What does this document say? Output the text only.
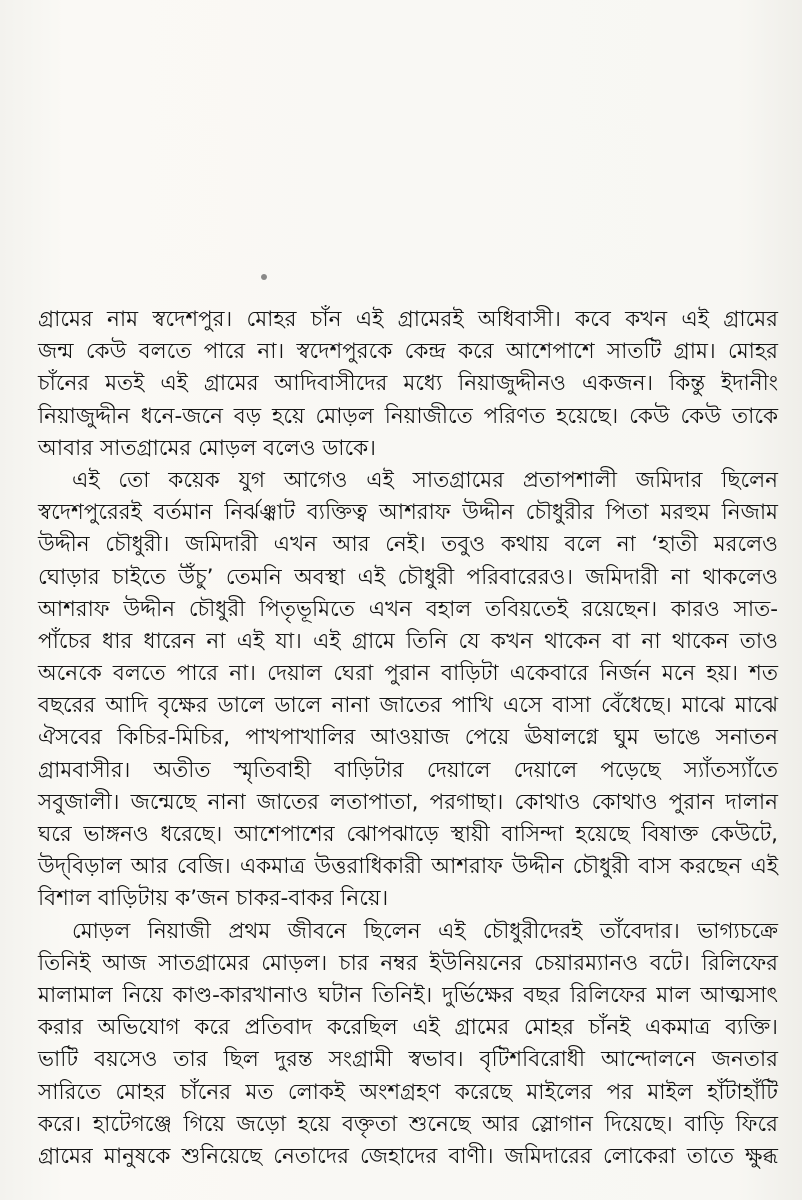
গ্রামের নাম স্বদেশপুর। মোহর চাঁন এই গ্রামেরই অধিবাসী। কবে কখন এই গ্রামের
জন্ম কেউ বলতে পারে না। স্বদেশপুরকে কেন্দ্র করে আশেপাশে সাতটি গ্রাম। মোহর
চাঁনের মতই এই গ্রামের আদিবাসীদের মধ্যে নিয়াজুদ্দীনও একজন। কিন্তু ইদানীং
নিয়াজুদ্দীন ধনে-জনে বড় হয়ে মোড়ল নিয়াজীতে পরিণত হয়েছে। কেউ কেউ তাকে
আবার সাতগ্রামের মোড়ল বলেও ডাকে।

এই তো কয়েক যুগ আগেও এই সাতগ্রামের প্রতাপশালী জমিদার ছিলেন
স্বদেশপুরেরই বর্তমান নির্ঝঞ্ঝাট ব্যক্তিত্ব আশরাফ উদ্দীন চৌধুরীর পিতা মরহুম নিজাম
উদ্দীন চৌধুরী। জমিদারী এখন আর নেই। তবুও কথায় বলে না ‘হাতী মরলেও
ঘোড়ার চাইতে উঁচু’ তেমনি অবস্থা এই চৌধুরী পরিবারেরও। জমিদারী না থাকলেও
আশরাফ উদ্দীন চৌধুরী পিতৃভূমিতে এখন বহাল তবিয়তেই রয়েছেন। কারও সাত-
পাঁচের ধার ধারেন না এই যা। এই গ্রামে তিনি যে কখন থাকেন বা না থাকেন তাও
অনেকে বলতে পারে না। দেয়াল ঘেরা পুরান বাড়িটা একেবারে নির্জন মনে হয়। শত
বছরের আদি বৃক্ষের ডালে ডালে নানা জাতের পাখি এসে বাসা বেঁধেছে। মাঝে মাঝে
ঐসবের কিচির-মিচির, পাখপাখালির আওয়াজ পেয়ে ঊষালগ্নে ঘুম ভাঙে সনাতন
গ্রামবাসীর। অতীত স্মৃতিবাহী বাড়িটার দেয়ালে দেয়ালে পড়েছে স্যাঁতস্যাঁতে
সবুজালী। জন্মেছে নানা জাতের লতাপাতা, পরগাছা। কোথাও কোথাও পুরান দালান
ঘরে ভাঙ্গনও ধরেছে। আশেপাশের ঝোপঝাড়ে স্থায়ী বাসিন্দা হয়েছে বিষাক্ত কেউটে,
উদ্‌বিড়াল আর বেজি। একমাত্র উত্তরাধিকারী আশরাফ উদ্দীন চৌধুরী বাস করছেন এই
বিশাল বাড়িটায় ক’জন চাকর-বাকর নিয়ে।

মোড়ল নিয়াজী প্রথম জীবনে ছিলেন এই চৌধুরীদেরই তাঁবেদার। ভাগ্যচক্রে
তিনিই আজ সাতগ্রামের মোড়ল। চার নম্বর ইউনিয়নের চেয়ারম্যানও বটে। রিলিফের
মালামাল নিয়ে কাণ্ড-কারখানাও ঘটান তিনিই। দুর্ভিক্ষের বছর রিলিফের মাল আত্মসাৎ
করার অভিযোগ করে প্রতিবাদ করেছিল এই গ্রামের মোহর চাঁনই একমাত্র ব্যক্তি।
ভাটি বয়সেও তার ছিল দুরন্ত সংগ্রামী স্বভাব। বৃটিশবিরোধী আন্দোলনে জনতার
সারিতে মোহর চাঁনের মত লোকই অংশগ্রহণ করেছে মাইলের পর মাইল হাঁটাহাঁটি
করে। হাটেগঞ্জে গিয়ে জড়ো হয়ে বক্তৃতা শুনেছে আর স্লোগান দিয়েছে। বাড়ি ফিরে
গ্রামের মানুষকে শুনিয়েছে নেতাদের জেহাদের বাণী। জমিদারের লোকেরা তাতে ক্ষুব্ধ
